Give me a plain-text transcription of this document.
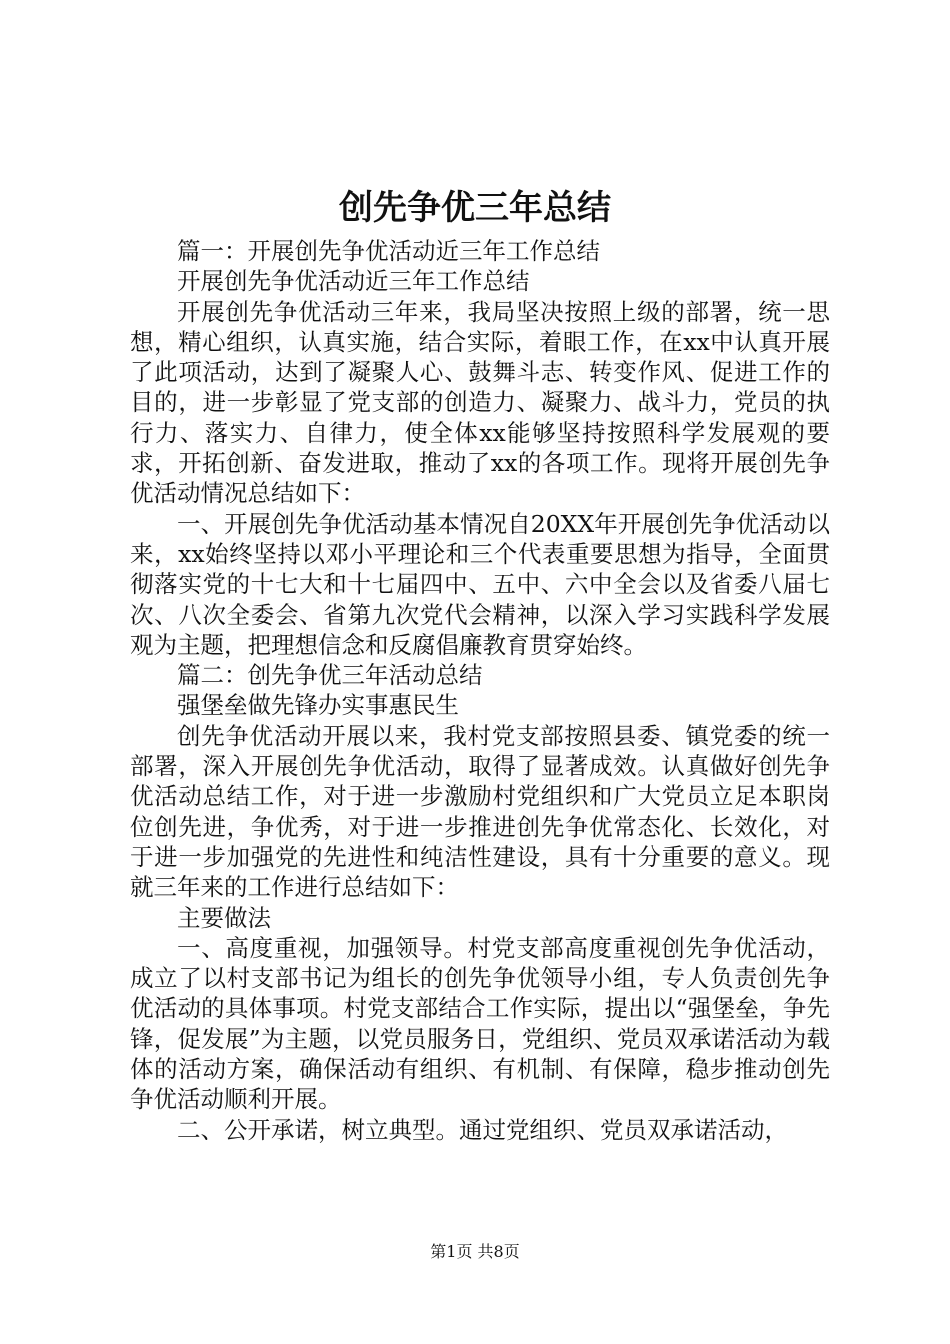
创先争优三年总结

篇一：开展创先争优活动近三年工作总结

开展创先争优活动近三年工作总结

开展创先争优活动三年来，我局坚决按照上级的部署，统一思想，精心组织，认真实施，结合实际，着眼工作，在xx中认真开展了此项活动，达到了凝聚人心、鼓舞斗志、转变作风、促进工作的目的，进一步彰显了党支部的创造力、凝聚力、战斗力，党员的执行力、落实力、自律力，使全体xx能够坚持按照科学发展观的要求，开拓创新、奋发进取，推动了xx的各项工作。现将开展创先争优活动情况总结如下：

一、开展创先争优活动基本情况自20XX年开展创先争优活动以来，xx始终坚持以邓小平理论和三个代表重要思想为指导，全面贯彻落实党的十七大和十七届四中、五中、六中全会以及省委八届七次、八次全委会、省第九次党代会精神，以深入学习实践科学发展观为主题，把理想信念和反腐倡廉教育贯穿始终。

篇二：创先争优三年活动总结

强堡垒做先锋办实事惠民生

创先争优活动开展以来，我村党支部按照县委、镇党委的统一部署，深入开展创先争优活动，取得了显著成效。认真做好创先争优活动总结工作，对于进一步激励村党组织和广大党员立足本职岗位创先进，争优秀，对于进一步推进创先争优常态化、长效化，对于进一步加强党的先进性和纯洁性建设，具有十分重要的意义。现就三年来的工作进行总结如下：

主要做法

一、高度重视，加强领导。村党支部高度重视创先争优活动，成立了以村支部书记为组长的创先争优领导小组，专人负责创先争优活动的具体事项。村党支部结合工作实际，提出以“强堡垒，争先锋，促发展”为主题，以党员服务日，党组织、党员双承诺活动为载体的活动方案，确保活动有组织、有机制、有保障，稳步推动创先争优活动顺利开展。

二、公开承诺，树立典型。通过党组织、党员双承诺活动，

第1页 共8页
